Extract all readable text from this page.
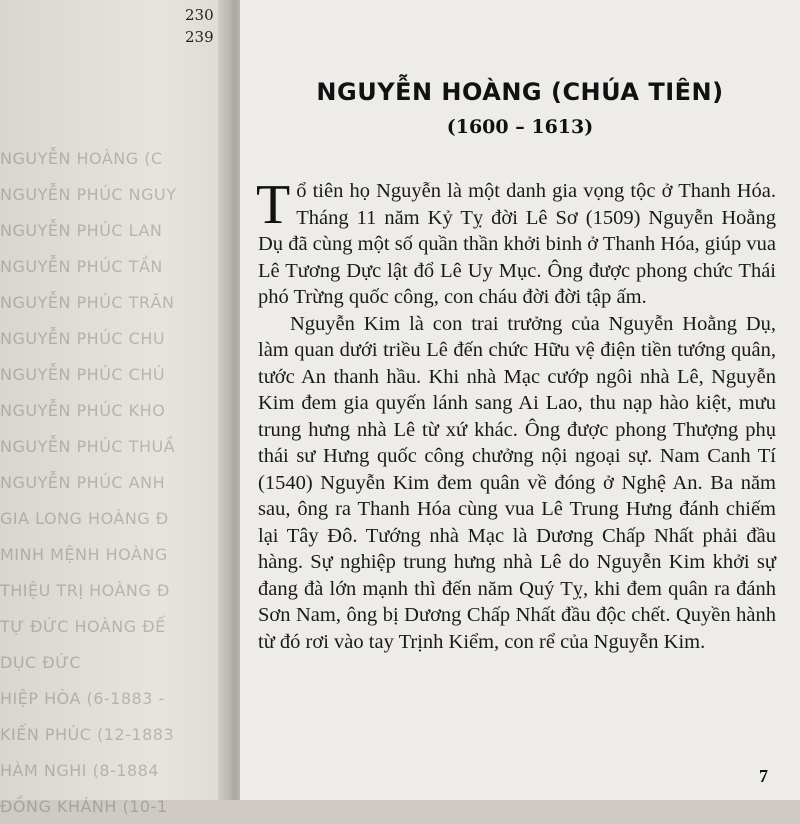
230
239
NGUYỄN HOÀNG (C
NGUYỄN PHÚC NGUY
NGUYỄN PHÚC LAN
NGUYỄN PHÚC TẦN
NGUYỄN PHÚC TRĂN
NGUYỄN PHÚC CHU
NGUYỄN PHÚC CHÚ
NGUYỄN PHÚC KHO
NGUYỄN PHÚC THUẦ
NGUYỄN PHÚC ANH
GIA LONG HOÀNG Đ
MINH MỆNH HOÀNG
THIỆU TRỊ HOÀNG Đ
TỰ ĐỨC HOÀNG ĐẾ
DỤC ĐỨC
HIỆP HÒA (6-1883 -
KIẾN PHÚC (12-1883
HÀM NGHI (8-1884
ĐỒNG KHÁNH (10-1
NGUYỄN HOÀNG (CHÚA TIÊN)
(1600 – 1613)

Tổ tiên họ Nguyễn là một danh gia vọng tộc ở Thanh Hóa. Tháng 11 năm Kỷ Tỵ đời Lê Sơ (1509) Nguyễn Hoằng Dụ đã cùng một số quần thần khởi binh ở Thanh Hóa, giúp vua Lê Tương Dực lật đổ Lê Uy Mục. Ông được phong chức Thái phó Trừng quốc công, con cháu đời đời tập ấm.

Nguyễn Kim là con trai trưởng của Nguyễn Hoằng Dụ, làm quan dưới triều Lê đến chức Hữu vệ điện tiền tướng quân, tước An thanh hầu. Khi nhà Mạc cướp ngôi nhà Lê, Nguyễn Kim đem gia quyến lánh sang Ai Lao, thu nạp hào kiệt, mưu trung hưng nhà Lê từ xứ khác. Ông được phong Thượng phụ thái sư Hưng quốc công chưởng nội ngoại sự. Nam Canh Tí (1540) Nguyễn Kim đem quân về đóng ở Nghệ An. Ba năm sau, ông ra Thanh Hóa cùng vua Lê Trung Hưng đánh chiếm lại Tây Đô. Tướng nhà Mạc là Dương Chấp Nhất phải đầu hàng. Sự nghiệp trung hưng nhà Lê do Nguyễn Kim khởi sự đang đà lớn mạnh thì đến năm Quý Tỵ, khi đem quân ra đánh Sơn Nam, ông bị Dương Chấp Nhất đầu độc chết. Quyền hành từ đó rơi vào tay Trịnh Kiểm, con rể của Nguyễn Kim.

7
